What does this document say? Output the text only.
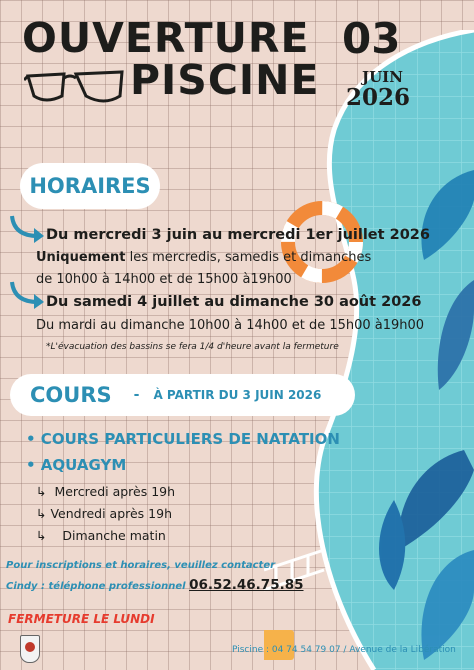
OUVERTURE
PISCINE
03
JUIN
2026
HORAIRES
Du mercredi 3 juin au mercredi 1er juillet 2026
Uniquement les mercredis, samedis et dimanches
de 10h00 à 14h00 et de 15h00 à19h00
Du samedi 4 juillet au dimanche 30 août 2026
Du mardi au dimanche 10h00 à 14h00 et de 15h00 à19h00
*L'évacuation des bassins se fera 1/4 d'heure avant la fermeture
COURS - À PARTIR DU 3 JUIN 2026
• COURS PARTICULIERS DE NATATION
• AQUAGYM
↳ Mercredi après 19h
↳ Vendredi après 19h
↳ Dimanche matin
Pour inscriptions et horaires, veuillez contacter
Cindy : téléphone professionnel 06.52.46.75.85
FERMETURE LE LUNDI
Piscine : 04 74 54 79 07 / Avenue de la Libération
